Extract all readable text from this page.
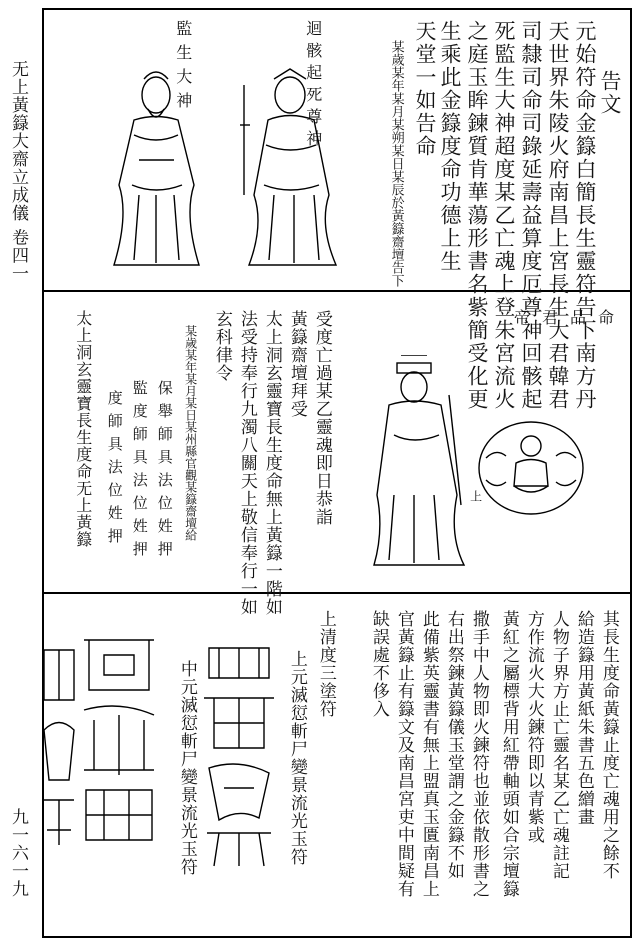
无上黃籙大齋立成儀 卷四一
九一六一九
告文
元始符命金籙白簡長生靈符告下南方丹
天世界朱陵火府南昌上宮長生大君韓君
司隸司命司錄延壽益算度厄尊神回骸起
死監生大神超度某乙亡魂上登朱宮流火
之庭玉眸鍊質肯華蕩形書名紫簡受化更
生乘此金籙度命功德上生
天堂一如告命
某歲某年某月某朔某日某辰於黃籙齋壇告下
迴骸起死尊神
監生大神
受度亡過某乙靈魂即日恭詣
黃籙齋壇拜受
太上洞玄靈寶長生度命無上黃籙一階如
法受持奉行九濁八關天上敬信奉行一如
玄科律令
某歲某年某月某日某州縣官觀某籙齋壇給
保舉師具法位姓押
監度師具法位姓押
度師具法位姓押
太上洞玄靈寶長生度命无上黃籙	帝君品命
上
其長生度命黃籙止度亡魂用之餘不
給造籙用黃紙朱書五色繒畫
人物子界方止亡靈名某乙亡魂註記
方作流火大火鍊符即以青紫或
黃紅之屬標背用紅帶軸頭如合宗壇籙
撒手中人物即火鍊符也並依散形書之
右出祭鍊黃籙儀玉堂謂之金籙不如
此備紫英靈書有無上盟真玉匱南昌上
官黃籙止有籙文及南昌宮吏中間疑有
缺誤處不侈入
上清度三塗符
上元滅愆斬尸變景流光玉符
中元滅愆斬尸變景流光玉符
